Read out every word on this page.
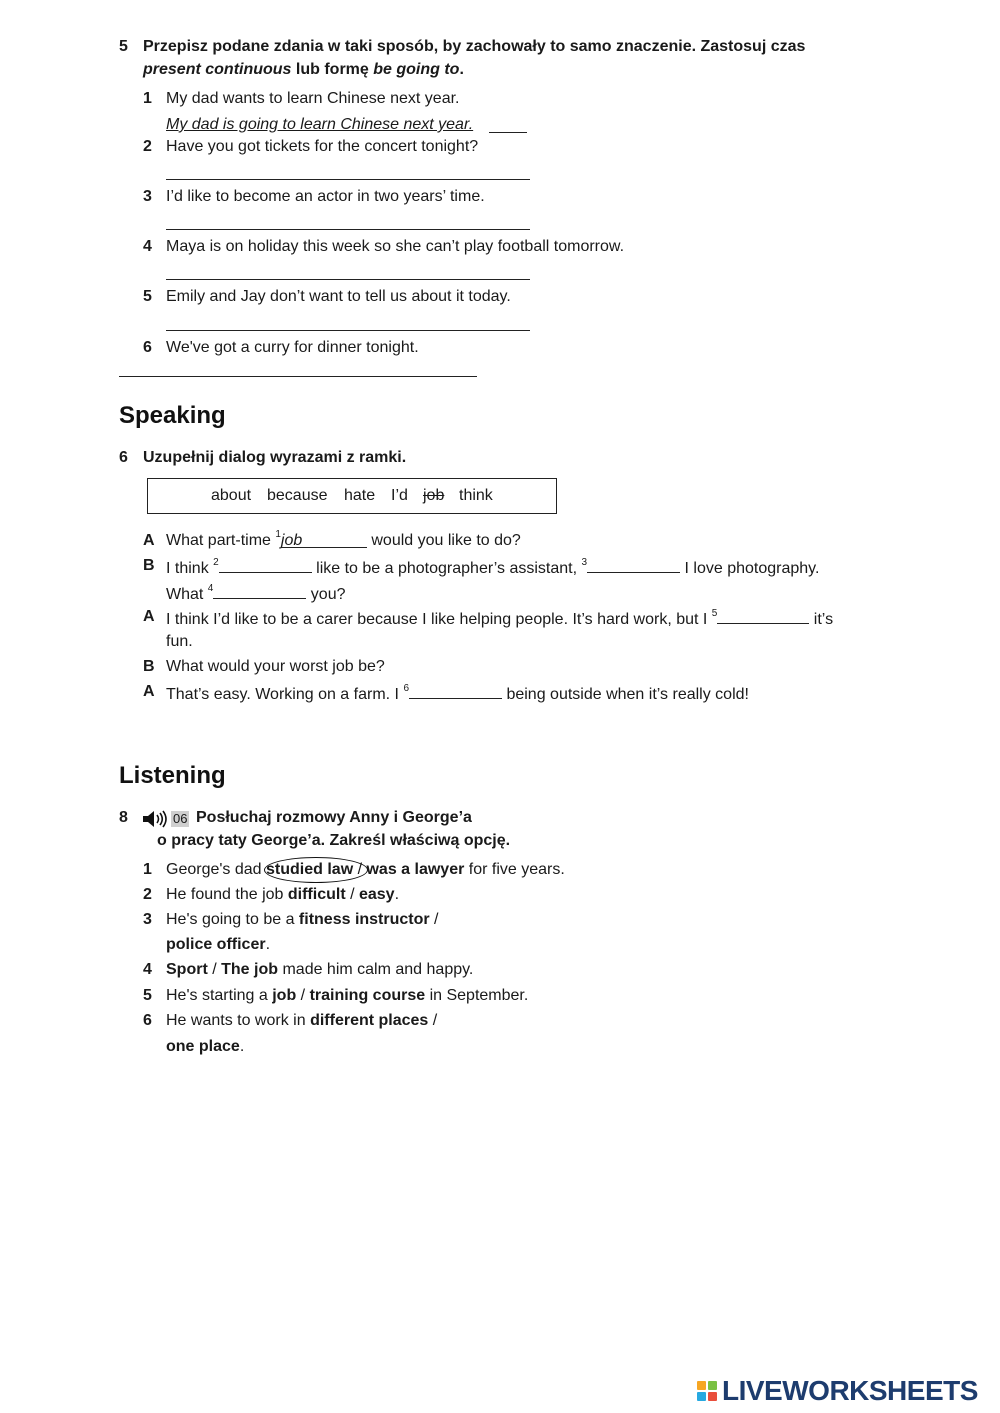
5 Przepisz podane zdania w taki sposób, by zachowały to samo znaczenie. Zastosuj czas
present continuous lub formę be going to.
1 My dad wants to learn Chinese next year.
My dad is going to learn Chinese next year.
2 Have you got tickets for the concert tonight?
3 I’d like to become an actor in two years’ time.
4 Maya is on holiday this week so she can’t play football tomorrow.
5 Emily and Jay don’t want to tell us about it today.
6 We've got a curry for dinner tonight.
Speaking
6 Uzupełnij dialog wyrazami z ramki.
about because hate I’d job think
A What part-time $^1$job	would you like to do?
B I think $^2$	like to be a photographer’s assistant, $^3$	I love photography.
What $^4$	you?
A I think I’d like to be a carer because I like helping people. It’s hard work, but I $^5$	it’s
fun.
B What would your worst job be?
A That’s easy. Working on a farm. I $^6$	being outside when it’s really cold!
Listening
8	06 Posłuchaj rozmowy Anny i George’a
o pracy taty George’a. Zakreśl właściwą opcję.
1 George's dad studied law / was a lawyer for five years.
2 He found the job difficult / easy.
3 He's going to be a fitness instructor /
police officer.
4 Sport / The job made him calm and happy.
5 He's starting a job / training course in September.
6 He wants to work in different places /
one place.
LIVEWORKSHEETS
